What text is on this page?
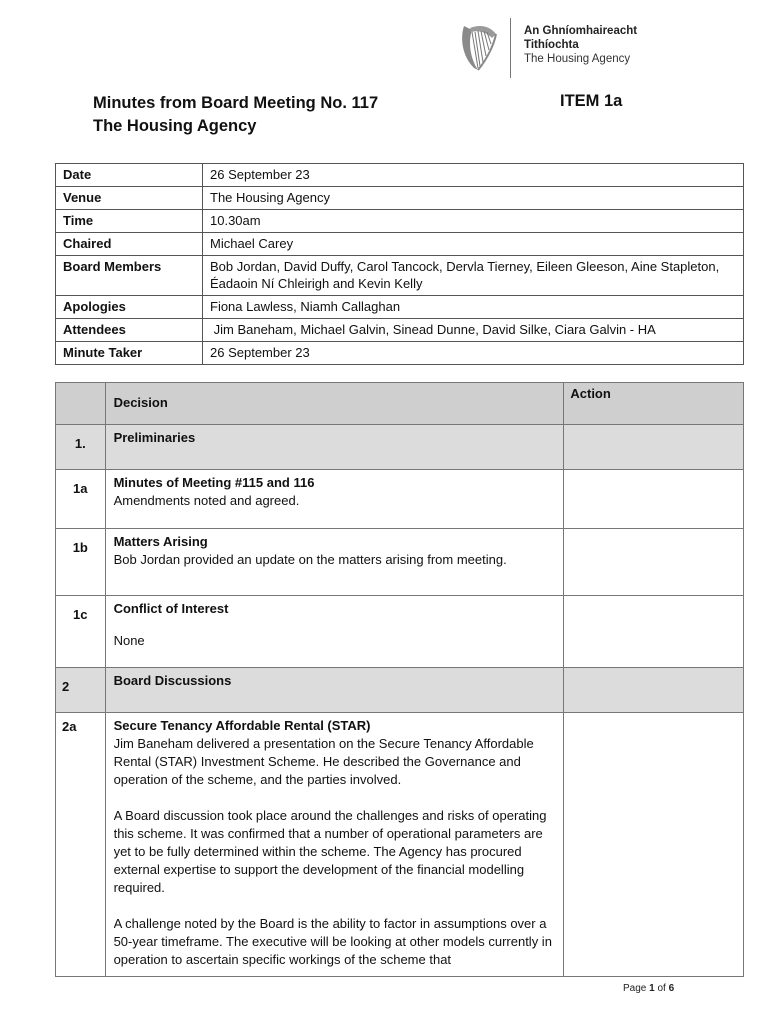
An Ghníomhaireacht
Tithíochta
The Housing Agency
Minutes from Board Meeting No. 117
The Housing Agency
ITEM 1a
Date	26 September 23
Venue	The Housing Agency
Time	10.30am
Chaired	Michael Carey
Board Members	Bob Jordan, David Duffy, Carol Tancock, Dervla Tierney, Eileen Gleeson, Aine Stapleton, Éadaoin Ní Chleirigh and Kevin Kelly
Apologies	Fiona Lawless, Niamh Callaghan
Attendees	Jim Baneham, Michael Galvin, Sinead Dunne, David Silke, Ciara Galvin - HA
Minute Taker	26 September 23
	Decision	Action
1.	Preliminaries	
1a	Minutes of Meeting #115 and 116

Amendments noted and agreed.	

1b	Matters Arising

Bob Jordan provided an update on the matters arising from meeting.	

1c	Conflict of Interest

None	

2	Board Discussions	
2a	Secure Tenancy Affordable Rental (STAR)

Jim Baneham delivered a presentation on the Secure Tenancy Affordable Rental (STAR) Investment Scheme. He described the Governance and operation of the scheme, and the parties involved.

A Board discussion took place around the challenges and risks of operating this scheme. It was confirmed that a number of operational parameters are yet to be fully determined within the scheme. The Agency has procured external expertise to support the development of the financial modelling required.

A challenge noted by the Board is the ability to factor in assumptions over a 50-year timeframe. The executive will be looking at other models currently in operation to ascertain specific workings of the scheme that	

Page 1 of 6
